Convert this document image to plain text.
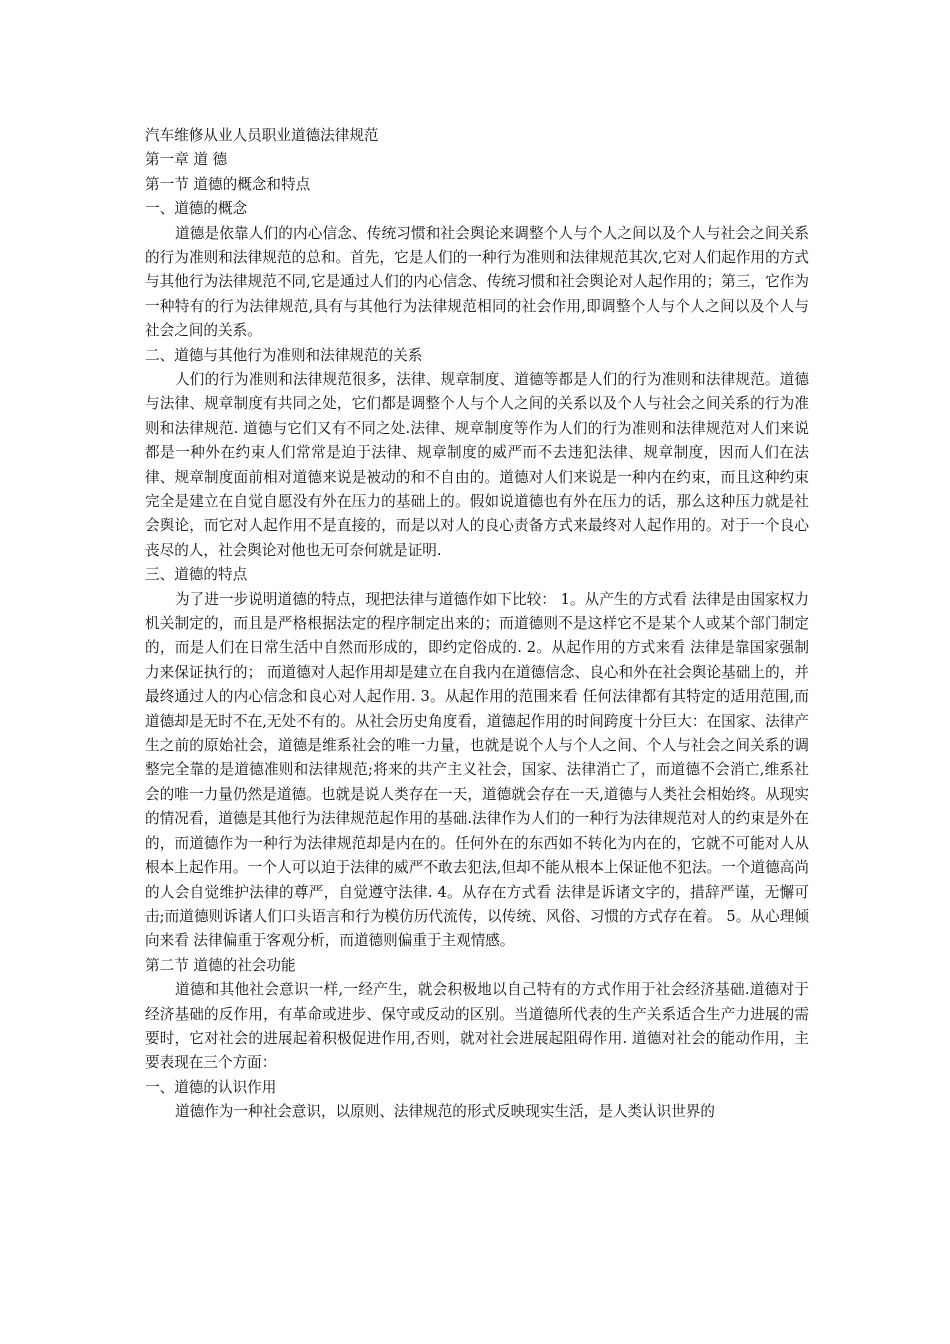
汽车维修从业人员职业道德法律规范
第一章 道 德
第一节 道德的概念和特点
一、道德的概念
道德是依靠人们的内心信念、传统习惯和社会舆论来调整个人与个人之间以及个人与社会之间关系的行为准则和法律规范的总和。首先，它是人们的一种行为准则和法律规范其次,它对人们起作用的方式与其他行为法律规范不同,它是通过人们的内心信念、传统习惯和社会舆论对人起作用的；第三，它作为一种特有的行为法律规范,具有与其他行为法律规范相同的社会作用,即调整个人与个人之间以及个人与社会之间的关系。
二、道德与其他行为准则和法律规范的关系
人们的行为准则和法律规范很多，法律、规章制度、道德等都是人们的行为准则和法律规范。道德与法律、规章制度有共同之处，它们都是调整个人与个人之间的关系以及个人与社会之间关系的行为准则和法律规范. 道德与它们又有不同之处.法律、规章制度等作为人们的行为准则和法律规范对人们来说都是一种外在约束人们常常是迫于法律、规章制度的威严而不去违犯法律、规章制度，因而人们在法律、规章制度面前相对道德来说是被动的和不自由的。道德对人们来说是一种内在约束，而且这种约束完全是建立在自觉自愿没有外在压力的基础上的。假如说道德也有外在压力的话，那么这种压力就是社会舆论，而它对人起作用不是直接的，而是以对人的良心责备方式来最终对人起作用的。对于一个良心丧尽的人，社会舆论对他也无可奈何就是证明.
三、道德的特点
为了进一步说明道德的特点，现把法律与道德作如下比较： 1。从产生的方式看 法律是由国家权力机关制定的，而且是严格根据法定的程序制定出来的；而道德则不是这样它不是某个人或某个部门制定的，而是人们在日常生活中自然而形成的，即约定俗成的. 2。从起作用的方式来看 法律是靠国家强制力来保证执行的； 而道德对人起作用却是建立在自我内在道德信念、良心和外在社会舆论基础上的，并最终通过人的内心信念和良心对人起作用. 3。从起作用的范围来看 任何法律都有其特定的适用范围,而道德却是无时不在,无处不有的。从社会历史角度看，道德起作用的时间跨度十分巨大：在国家、法律产生之前的原始社会，道德是维系社会的唯一力量，也就是说个人与个人之间、个人与社会之间关系的调整完全靠的是道德准则和法律规范;将来的共产主义社会，国家、法律消亡了，而道德不会消亡,维系社会的唯一力量仍然是道德。也就是说人类存在一天，道德就会存在一天,道德与人类社会相始终。从现实的情况看，道德是其他行为法律规范起作用的基础.法律作为人们的一种行为法律规范对人的约束是外在的，而道德作为一种行为法律规范却是内在的。任何外在的东西如不转化为内在的，它就不可能对人从根本上起作用。一个人可以迫于法律的威严不敢去犯法,但却不能从根本上保证他不犯法。一个道德高尚的人会自觉维护法律的尊严，自觉遵守法律. 4。从存在方式看 法律是诉诸文字的，措辞严谨，无懈可击;而道德则诉诸人们口头语言和行为模仿历代流传，以传统、风俗、习惯的方式存在着。 5。从心理倾向来看 法律偏重于客观分析，而道德则偏重于主观情感。
第二节 道德的社会功能
道德和其他社会意识一样,一经产生，就会积极地以自己特有的方式作用于社会经济基础.道德对于经济基础的反作用，有革命或进步、保守或反动的区别。当道德所代表的生产关系适合生产力进展的需要时，它对社会的进展起着积极促进作用,否则，就对社会进展起阻碍作用. 道德对社会的能动作用，主要表现在三个方面：
一、道德的认识作用
道德作为一种社会意识，以原则、法律规范的形式反映现实生活，是人类认识世界的
